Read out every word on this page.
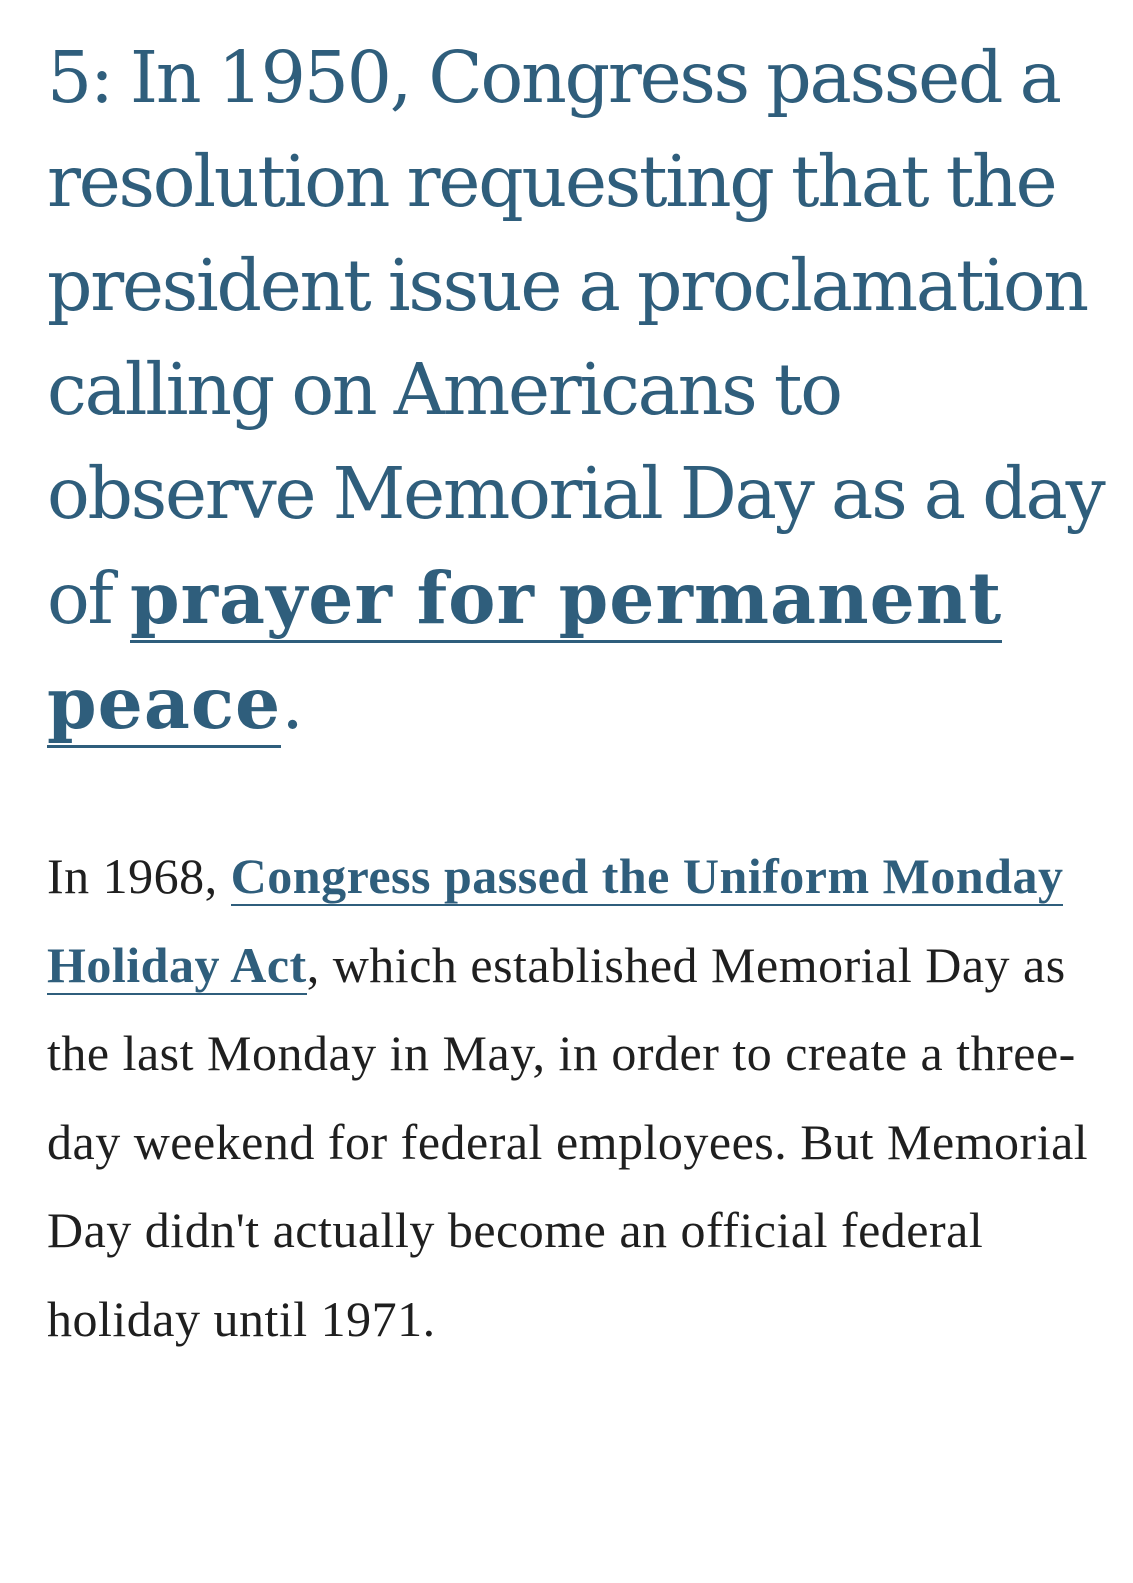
5: In 1950, Congress passed a resolution requesting that the president issue a proclamation calling on Americans to observe Memorial Day as a day of prayer for permanent peace.

In 1968, Congress passed the Uniform Monday Holiday Act, which established Memorial Day as the last Monday in May, in order to create a three-day weekend for federal employees. But Memorial Day didn't actually become an official federal holiday until 1971.
